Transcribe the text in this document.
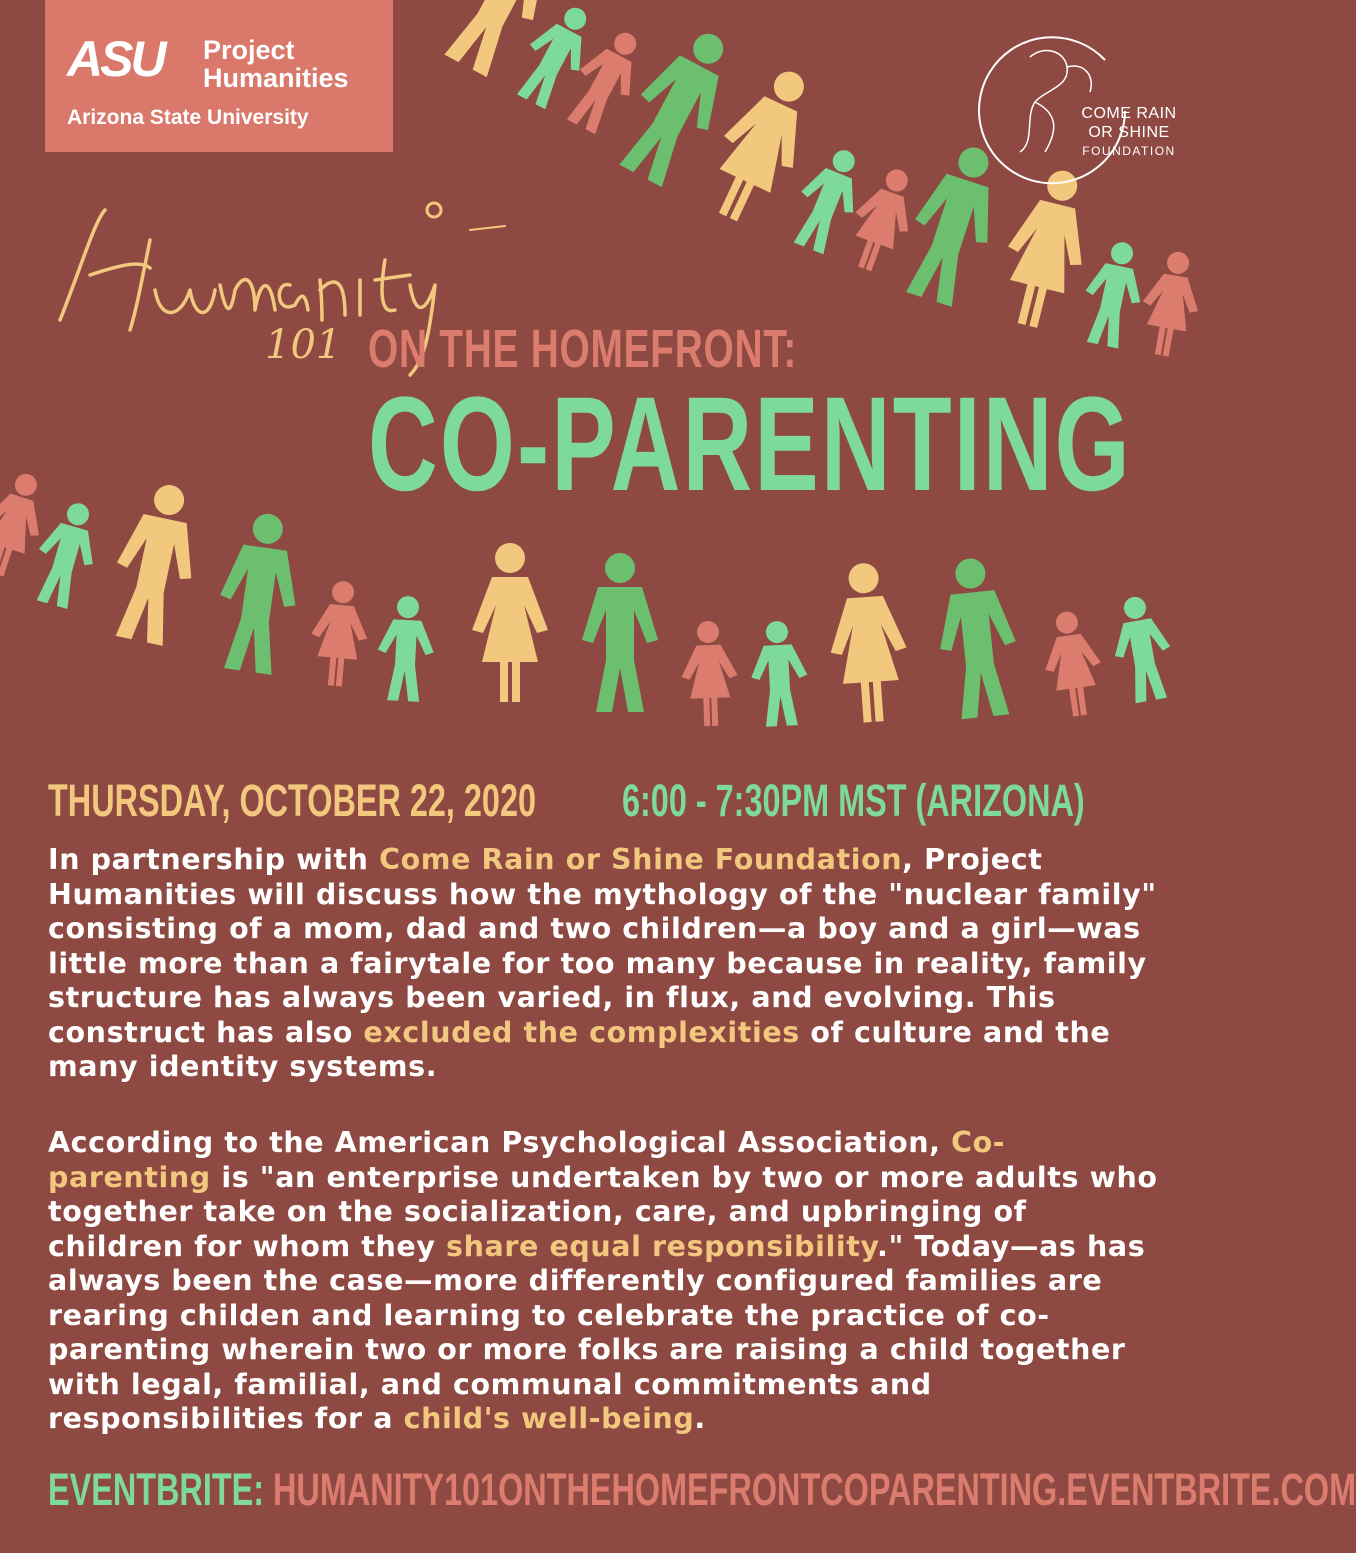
ASU Project
Humanities
Arizona State University	COME RAIN
OR SHINE
FOUNDATION
101
Humanity
ON THE HOMEFRONT:
CO-PARENTING
THURSDAY, OCTOBER 22, 2020 6:00 - 7:30PM MST (ARIZONA)

In partnership with Come Rain or Shine Foundation, Project Humanities will discuss how the mythology of the "nuclear family" consisting of a mom, dad and two children—a boy and a girl—was little more than a fairytale for too many because in reality, family structure has always been varied, in flux, and evolving. This construct has also excluded the complexities of culture and the many identity systems.

According to the American Psychological Association, Co-parenting is "an enterprise undertaken by two or more adults who together take on the socialization, care, and upbringing of children for whom they share equal responsibility." Today—as has always been the case—more differently configured families are rearing childen and learning to celebrate the practice of co-parenting wherein two or more folks are raising a child together with legal, familial, and communal commitments and responsibilities for a child's well-being.

EVENTBRITE: HUMANITY101ONTHEHOMEFRONTCOPARENTING.EVENTBRITE.COM
